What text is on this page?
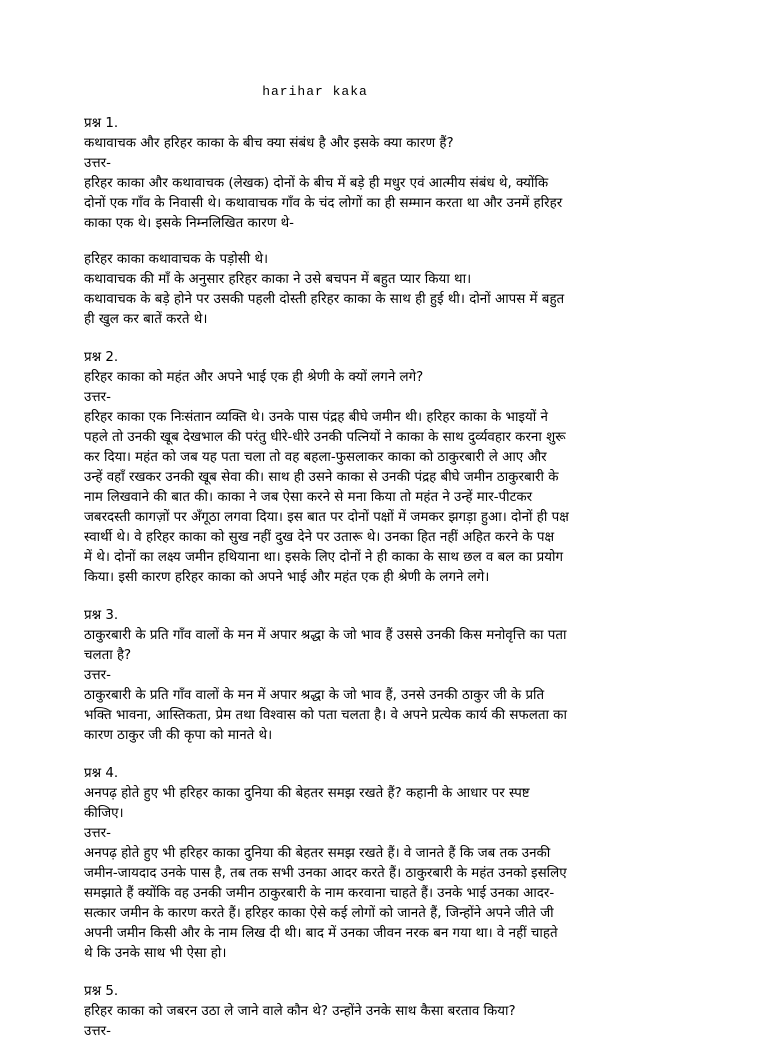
harihar kaka
प्रश्न 1.
कथावाचक और हरिहर काका के बीच क्या संबंध है और इसके क्या कारण हैं?
उत्तर-
हरिहर काका और कथावाचक (लेखक) दोनों के बीच में बड़े ही मधुर एवं आत्मीय संबंध थे, क्योंकि
दोनों एक गाँव के निवासी थे। कथावाचक गाँव के चंद लोगों का ही सम्मान करता था और उनमें हरिहर
काका एक थे। इसके निम्नलिखित कारण थे-
हरिहर काका कथावाचक के पड़ोसी थे।
कथावाचक की माँ के अनुसार हरिहर काका ने उसे बचपन में बहुत प्यार किया था।
कथावाचक के बड़े होने पर उसकी पहली दोस्ती हरिहर काका के साथ ही हुई थी। दोनों आपस में बहुत
ही खुल कर बातें करते थे।
प्रश्न 2.
हरिहर काका को महंत और अपने भाई एक ही श्रेणी के क्यों लगने लगे?
उत्तर-
हरिहर काका एक निःसंतान व्यक्ति थे। उनके पास पंद्रह बीघे जमीन थी। हरिहर काका के भाइयों ने
पहले तो उनकी खूब देखभाल की परंतु धीरे-धीरे उनकी पत्नियों ने काका के साथ दुर्व्यवहार करना शुरू
कर दिया। महंत को जब यह पता चला तो वह बहला-फुसलाकर काका को ठाकुरबारी ले आए और
उन्हें वहाँ रखकर उनकी खूब सेवा की। साथ ही उसने काका से उनकी पंद्रह बीघे जमीन ठाकुरबारी के
नाम लिखवाने की बात की। काका ने जब ऐसा करने से मना किया तो महंत ने उन्हें मार-पीटकर
जबरदस्ती कागज़ों पर अँगूठा लगवा दिया। इस बात पर दोनों पक्षों में जमकर झगड़ा हुआ। दोनों ही पक्ष
स्वार्थी थे। वे हरिहर काका को सुख नहीं दुख देने पर उतारू थे। उनका हित नहीं अहित करने के पक्ष
में थे। दोनों का लक्ष्य जमीन हथियाना था। इसके लिए दोनों ने ही काका के साथ छल व बल का प्रयोग
किया। इसी कारण हरिहर काका को अपने भाई और महंत एक ही श्रेणी के लगने लगे।
प्रश्न 3.
ठाकुरबारी के प्रति गाँव वालों के मन में अपार श्रद्धा के जो भाव हैं उससे उनकी किस मनोवृत्ति का पता
चलता है?
उत्तर-
ठाकुरबारी के प्रति गाँव वालों के मन में अपार श्रद्धा के जो भाव हैं, उनसे उनकी ठाकुर जी के प्रति
भक्ति भावना, आस्तिकता, प्रेम तथा विश्वास को पता चलता है। वे अपने प्रत्येक कार्य की सफलता का
कारण ठाकुर जी की कृपा को मानते थे।
प्रश्न 4.
अनपढ़ होते हुए भी हरिहर काका दुनिया की बेहतर समझ रखते हैं? कहानी के आधार पर स्पष्ट
कीजिए।
उत्तर-
अनपढ़ होते हुए भी हरिहर काका दुनिया की बेहतर समझ रखते हैं। वे जानते हैं कि जब तक उनकी
जमीन-जायदाद उनके पास है, तब तक सभी उनका आदर करते हैं। ठाकुरबारी के महंत उनको इसलिए
समझाते हैं क्योंकि वह उनकी जमीन ठाकुरबारी के नाम करवाना चाहते हैं। उनके भाई उनका आदर-
सत्कार जमीन के कारण करते हैं। हरिहर काका ऐसे कई लोगों को जानते हैं, जिन्होंने अपने जीते जी
अपनी जमीन किसी और के नाम लिख दी थी। बाद में उनका जीवन नरक बन गया था। वे नहीं चाहते
थे कि उनके साथ भी ऐसा हो।
प्रश्न 5.
हरिहर काका को जबरन उठा ले जाने वाले कौन थे? उन्होंने उनके साथ कैसा बरताव किया?
उत्तर-
